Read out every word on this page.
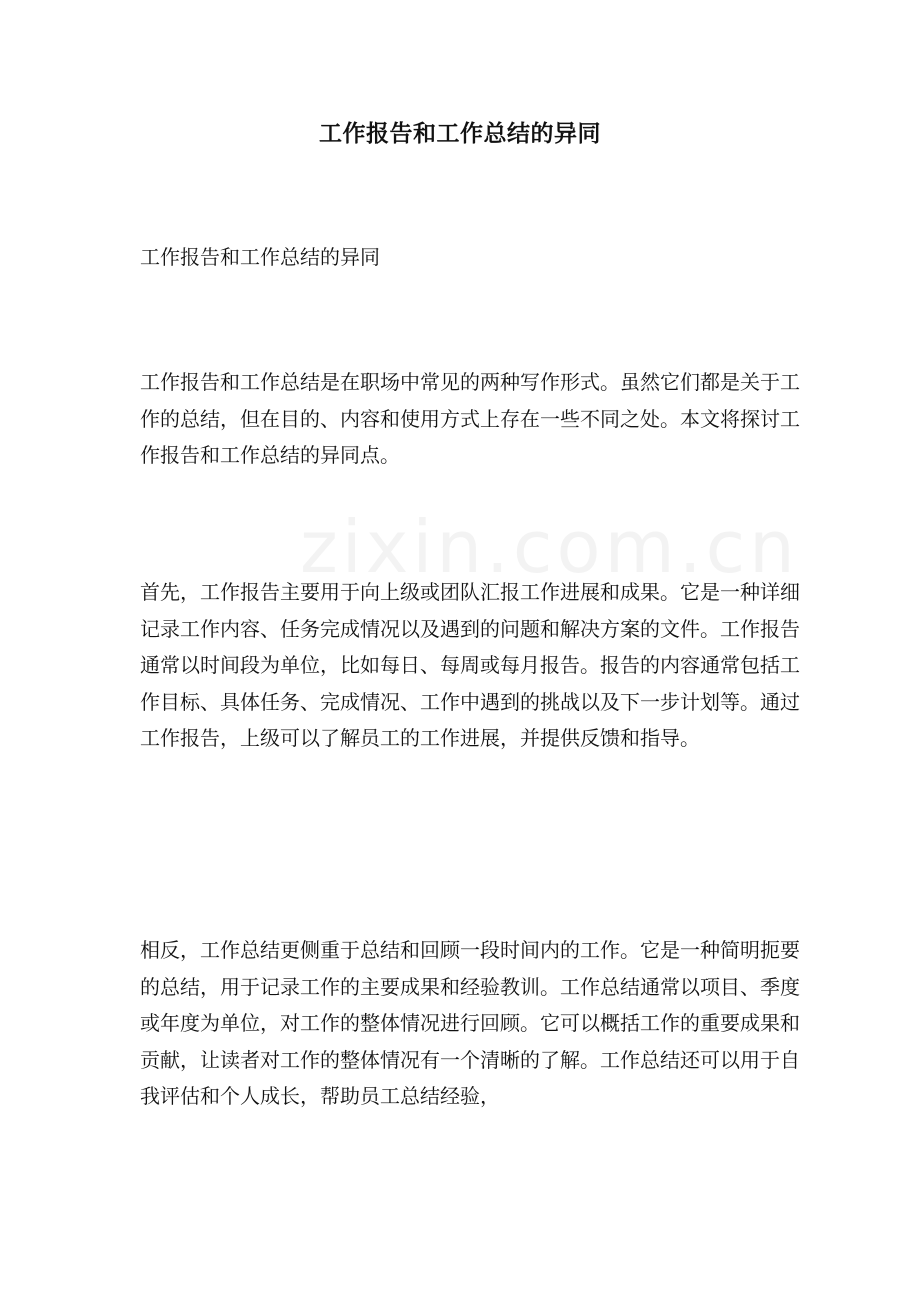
zixin.com.cn
工作报告和工作总结的异同
工作报告和工作总结的异同
工作报告和工作总结是在职场中常见的两种写作形式。虽然它们都是关于工作的总结，但在目的、内容和使用方式上存在一些不同之处。本文将探讨工作报告和工作总结的异同点。
首先，工作报告主要用于向上级或团队汇报工作进展和成果。它是一种详细记录工作内容、任务完成情况以及遇到的问题和解决方案的文件。工作报告通常以时间段为单位，比如每日、每周或每月报告。报告的内容通常包括工作目标、具体任务、完成情况、工作中遇到的挑战以及下一步计划等。通过工作报告，上级可以了解员工的工作进展，并提供反馈和指导。
相反，工作总结更侧重于总结和回顾一段时间内的工作。它是一种简明扼要的总结，用于记录工作的主要成果和经验教训。工作总结通常以项目、季度或年度为单位，对工作的整体情况进行回顾。它可以概括工作的重要成果和贡献，让读者对工作的整体情况有一个清晰的了解。工作总结还可以用于自我评估和个人成长，帮助员工总结经验，
